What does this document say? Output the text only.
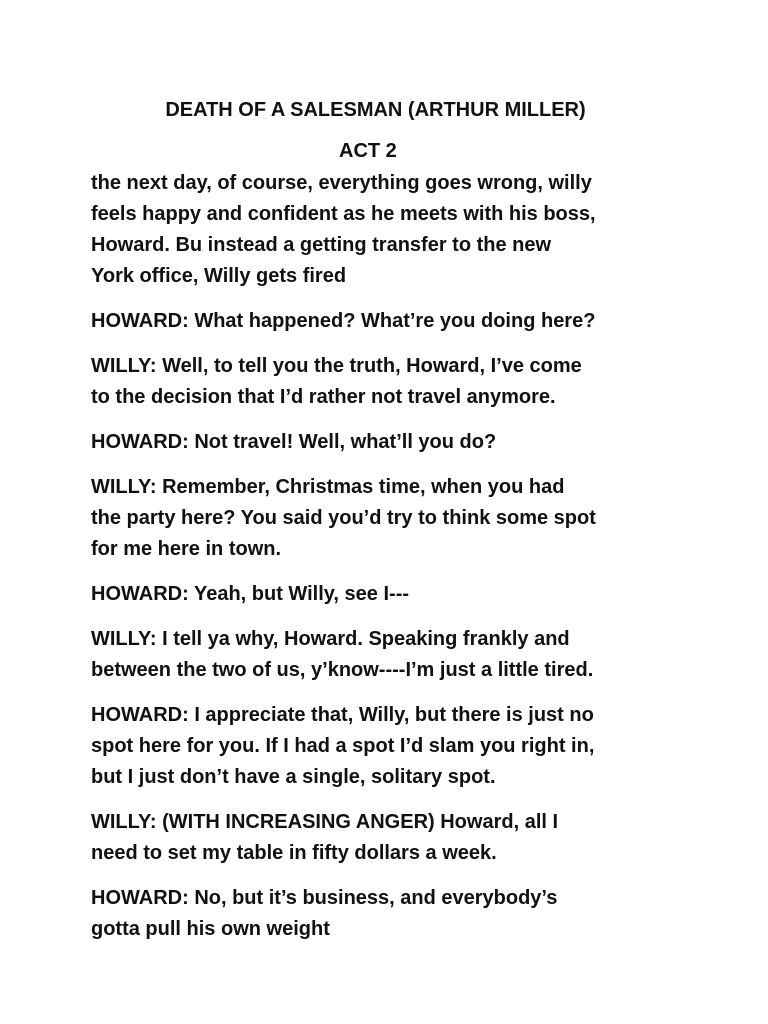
DEATH OF A SALESMAN (ARTHUR MILLER)
ACT 2

the next day, of course, everything goes wrong, willy
feels happy and confident as he meets with his boss,
Howard. Bu instead a getting transfer to the new
York office, Willy gets fired

HOWARD: What happened? What’re you doing here?

WILLY: Well, to tell you the truth, Howard, I’ve come
to the decision that I’d rather not travel anymore.

HOWARD: Not travel! Well, what’ll you do?

WILLY: Remember, Christmas time, when you had
the party here? You said you’d try to think some spot
for me here in town.

HOWARD: Yeah, but Willy, see I---

WILLY: I tell ya why, Howard. Speaking frankly and
between the two of us, y’know----I’m just a little tired.

HOWARD: I appreciate that, Willy, but there is just no
spot here for you. If I had a spot I’d slam you right in,
but I just don’t have a single, solitary spot.

WILLY: (WITH INCREASING ANGER) Howard, all I
need to set my table in fifty dollars a week.

HOWARD: No, but it’s business, and everybody’s
gotta pull his own weight
